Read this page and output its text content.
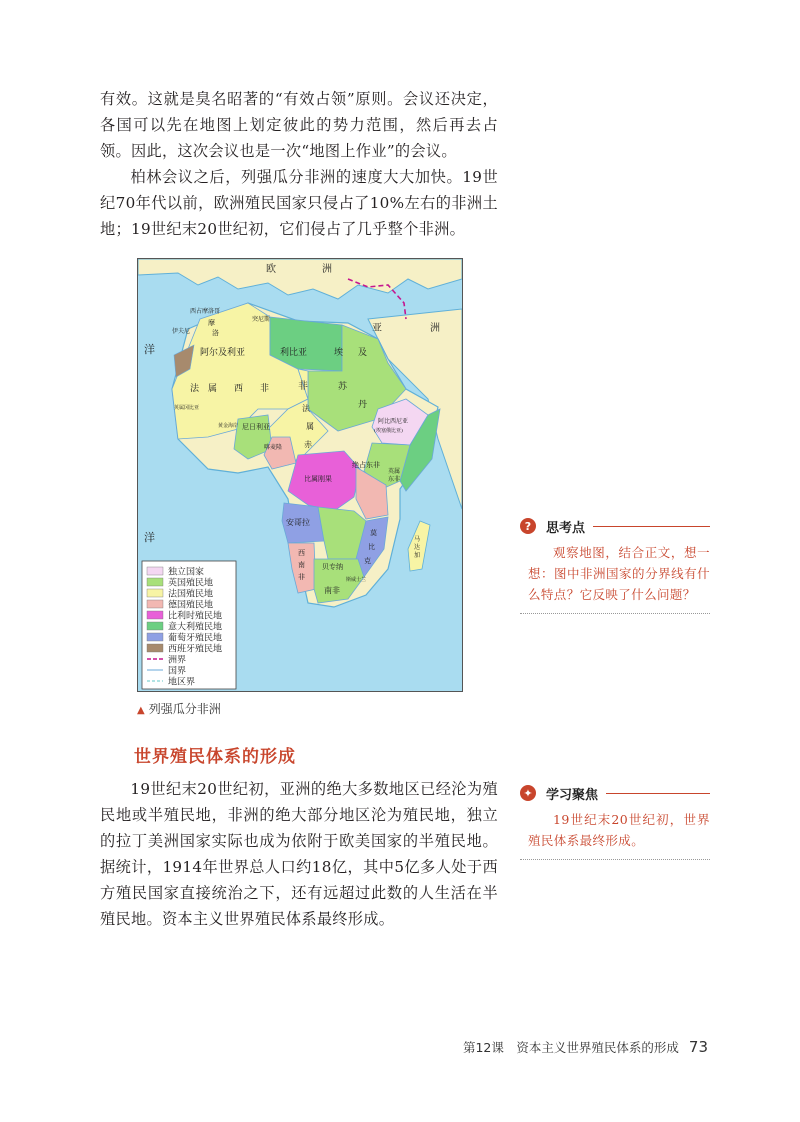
有效。这就是臭名昭著的“有效占领”原则。会议还决定，各国可以先在地图上划定彼此的势力范围，然后再去占领。因此，这次会议也是一次“地图上作业”的会议。

柏林会议之后，列强瓜分非洲的速度大大加快。19世纪70年代以前，欧洲殖民国家只侵占了10%左右的非洲土地；19世纪末20世纪初，它们侵占了几乎整个非洲。

欧	洲
亚	洲
非
洋
洋
西占摩洛哥
突尼斯
摩
洛
伊夫尼
阿尔及利亚	利比亚	埃 及
法 属 西 非
法
属
赤
苏
丹
尼日利亚
喀麦隆
阿比西尼亚
(埃塞俄比亚)
绝占东非
比属刚果
安哥拉
西
南
非
贝专纳
莫
比
克
南非
斯威士兰
马
达
加
英属冈比亚
黄金海岸
英属
东非
独立国家
英国殖民地
法国殖民地
德国殖民地
比利时殖民地
意大利殖民地
葡萄牙殖民地
西班牙殖民地
洲界
国界
地区界
▲ 列强瓜分非洲
世界殖民体系的形成

19世纪末20世纪初，亚洲的绝大多数地区已经沦为殖民地或半殖民地，非洲的绝大部分地区沦为殖民地，独立的拉丁美洲国家实际也成为依附于欧美国家的半殖民地。据统计，1914年世界总人口约18亿，其中5亿多人处于西方殖民国家直接统治之下，还有远超过此数的人生活在半殖民地。资本主义世界殖民体系最终形成。

?	思考点

观察地图，结合正文，想一想：图中非洲国家的分界线有什么特点？它反映了什么问题？

✦ 学习聚焦

19世纪末20世纪初，世界殖民体系最终形成。

第12课　资本主义世界殖民体系的形成 73
